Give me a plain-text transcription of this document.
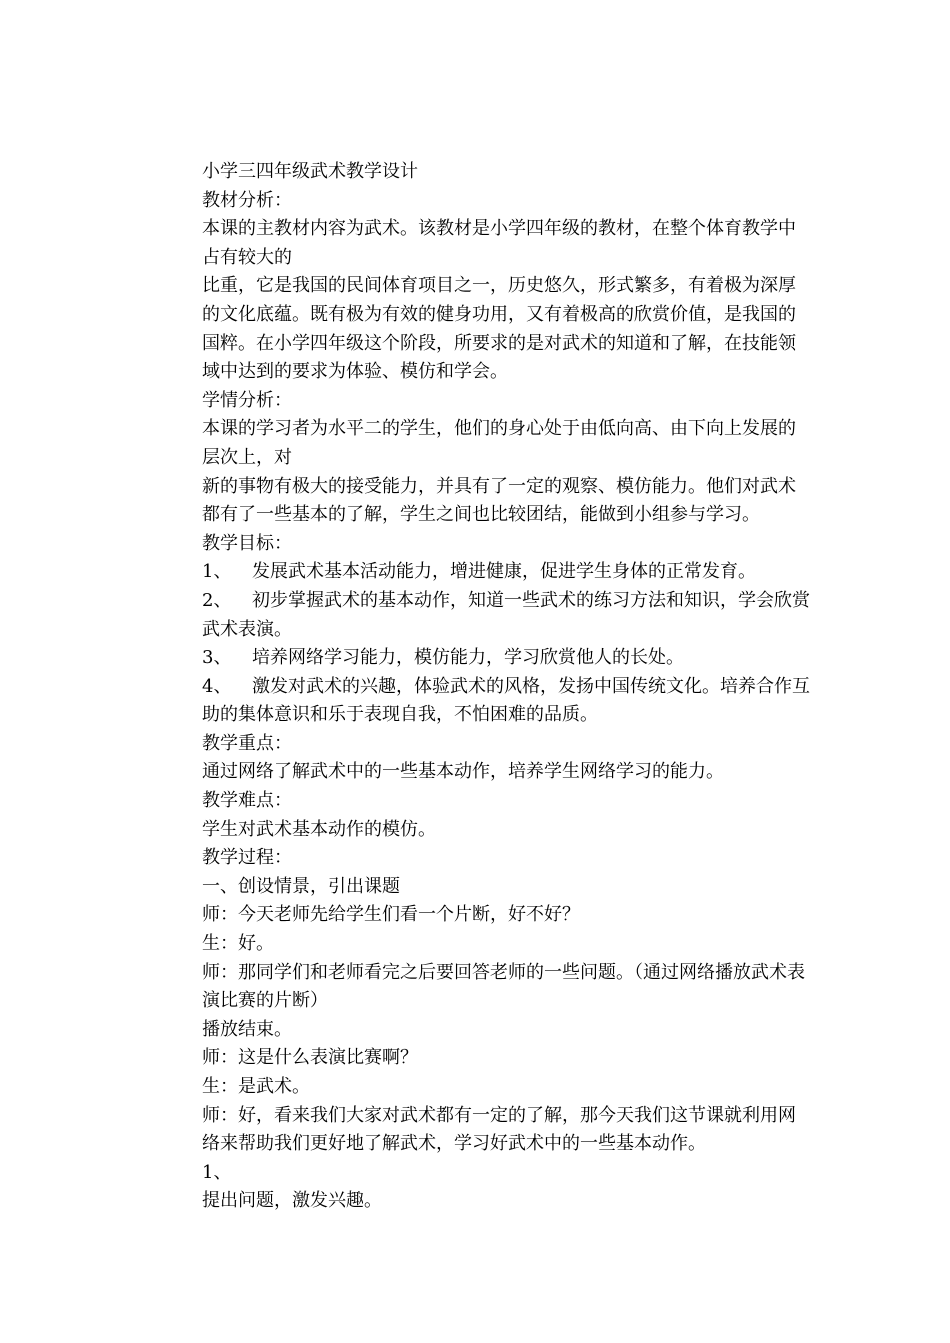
小学三四年级武术教学设计
教材分析：
本课的主教材内容为武术。该教材是小学四年级的教材，在整个体育教学中
占有较大的
比重，它是我国的民间体育项目之一，历史悠久，形式繁多，有着极为深厚
的文化底蕴。既有极为有效的健身功用，又有着极高的欣赏价值，是我国的
国粹。在小学四年级这个阶段，所要求的是对武术的知道和了解，在技能领
域中达到的要求为体验、模仿和学会。
学情分析：
本课的学习者为水平二的学生，他们的身心处于由低向高、由下向上发展的
层次上，对
新的事物有极大的接受能力，并具有了一定的观察、模仿能力。他们对武术
都有了一些基本的了解，学生之间也比较团结，能做到小组参与学习。
教学目标：
1、	发展武术基本活动能力，增进健康，促进学生身体的正常发育。
2、	初步掌握武术的基本动作，知道一些武术的练习方法和知识，学会欣赏
武术表演。
3、	培养网络学习能力，模仿能力，学习欣赏他人的长处。
4、	激发对武术的兴趣，体验武术的风格，发扬中国传统文化。培养合作互
助的集体意识和乐于表现自我，不怕困难的品质。
教学重点：
通过网络了解武术中的一些基本动作，培养学生网络学习的能力。
教学难点：
学生对武术基本动作的模仿。
教学过程：
一、创设情景，引出课题
师：今天老师先给学生们看一个片断，好不好？
生：好。
师：那同学们和老师看完之后要回答老师的一些问题。（通过网络播放武术表
演比赛的片断）
播放结束。
师：这是什么表演比赛啊？
生：是武术。
师：好，看来我们大家对武术都有一定的了解，那今天我们这节课就利用网
络来帮助我们更好地了解武术，学习好武术中的一些基本动作。
1、
提出问题，激发兴趣。
